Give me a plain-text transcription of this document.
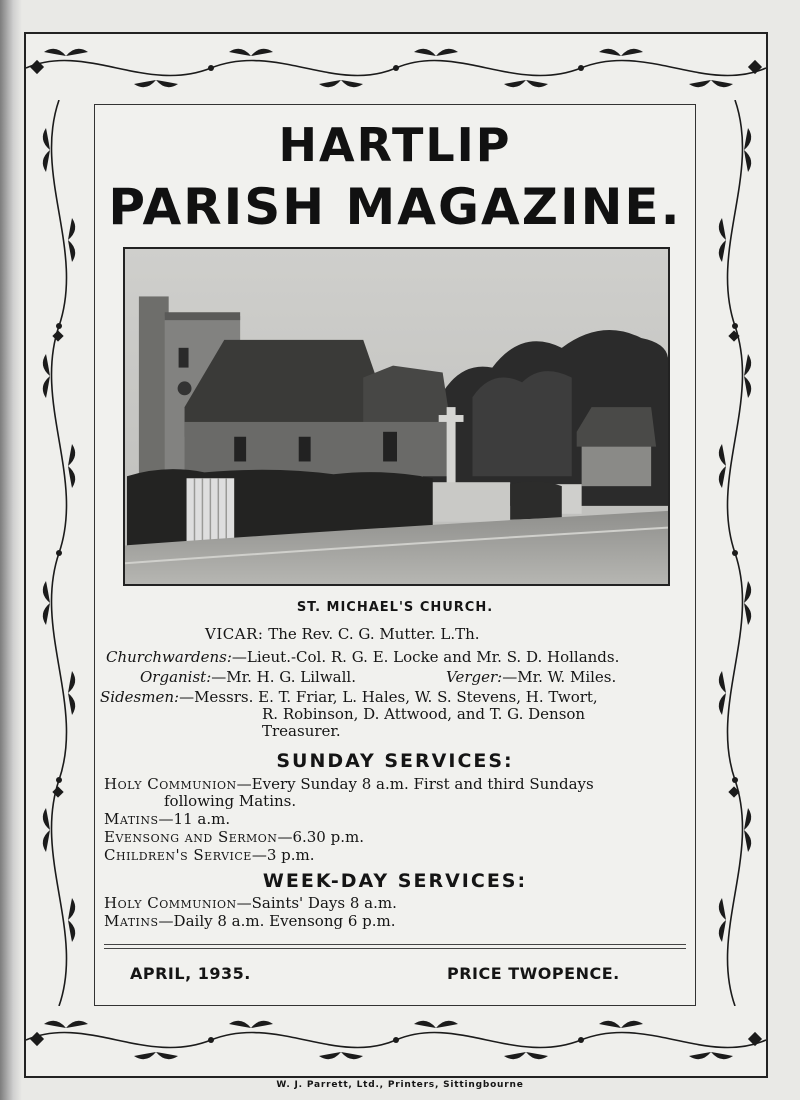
HARTLIP
PARISH MAGAZINE.
ST. MICHAEL'S CHURCH.
VICAR: The Rev. C. G. Mutter. L.Th.
Churchwardens:—Lieut.-Col. R. G. E. Locke and Mr. S. D. Hollands.
Organist:—Mr. H. G. Lilwall.	Verger:—Mr. W. Miles.
Sidesmen:—Messrs. E. T. Friar, L. Hales, W. S. Stevens, H. Twort,
R. Robinson, D. Attwood, and T. G. Denson
Treasurer.
SUNDAY SERVICES:
Holy Communion—Every Sunday 8 a.m. First and third Sundays
following Matins.
Matins—11 a.m.
Evensong and Sermon—6.30 p.m.
Children's Service—3 p.m.
WEEK-DAY SERVICES:
Holy Communion—Saints' Days 8 a.m.
Matins—Daily 8 a.m. Evensong 6 p.m.
APRIL, 1935.	PRICE TWOPENCE.
W. J. Parrett, Ltd., Printers, Sittingbourne
